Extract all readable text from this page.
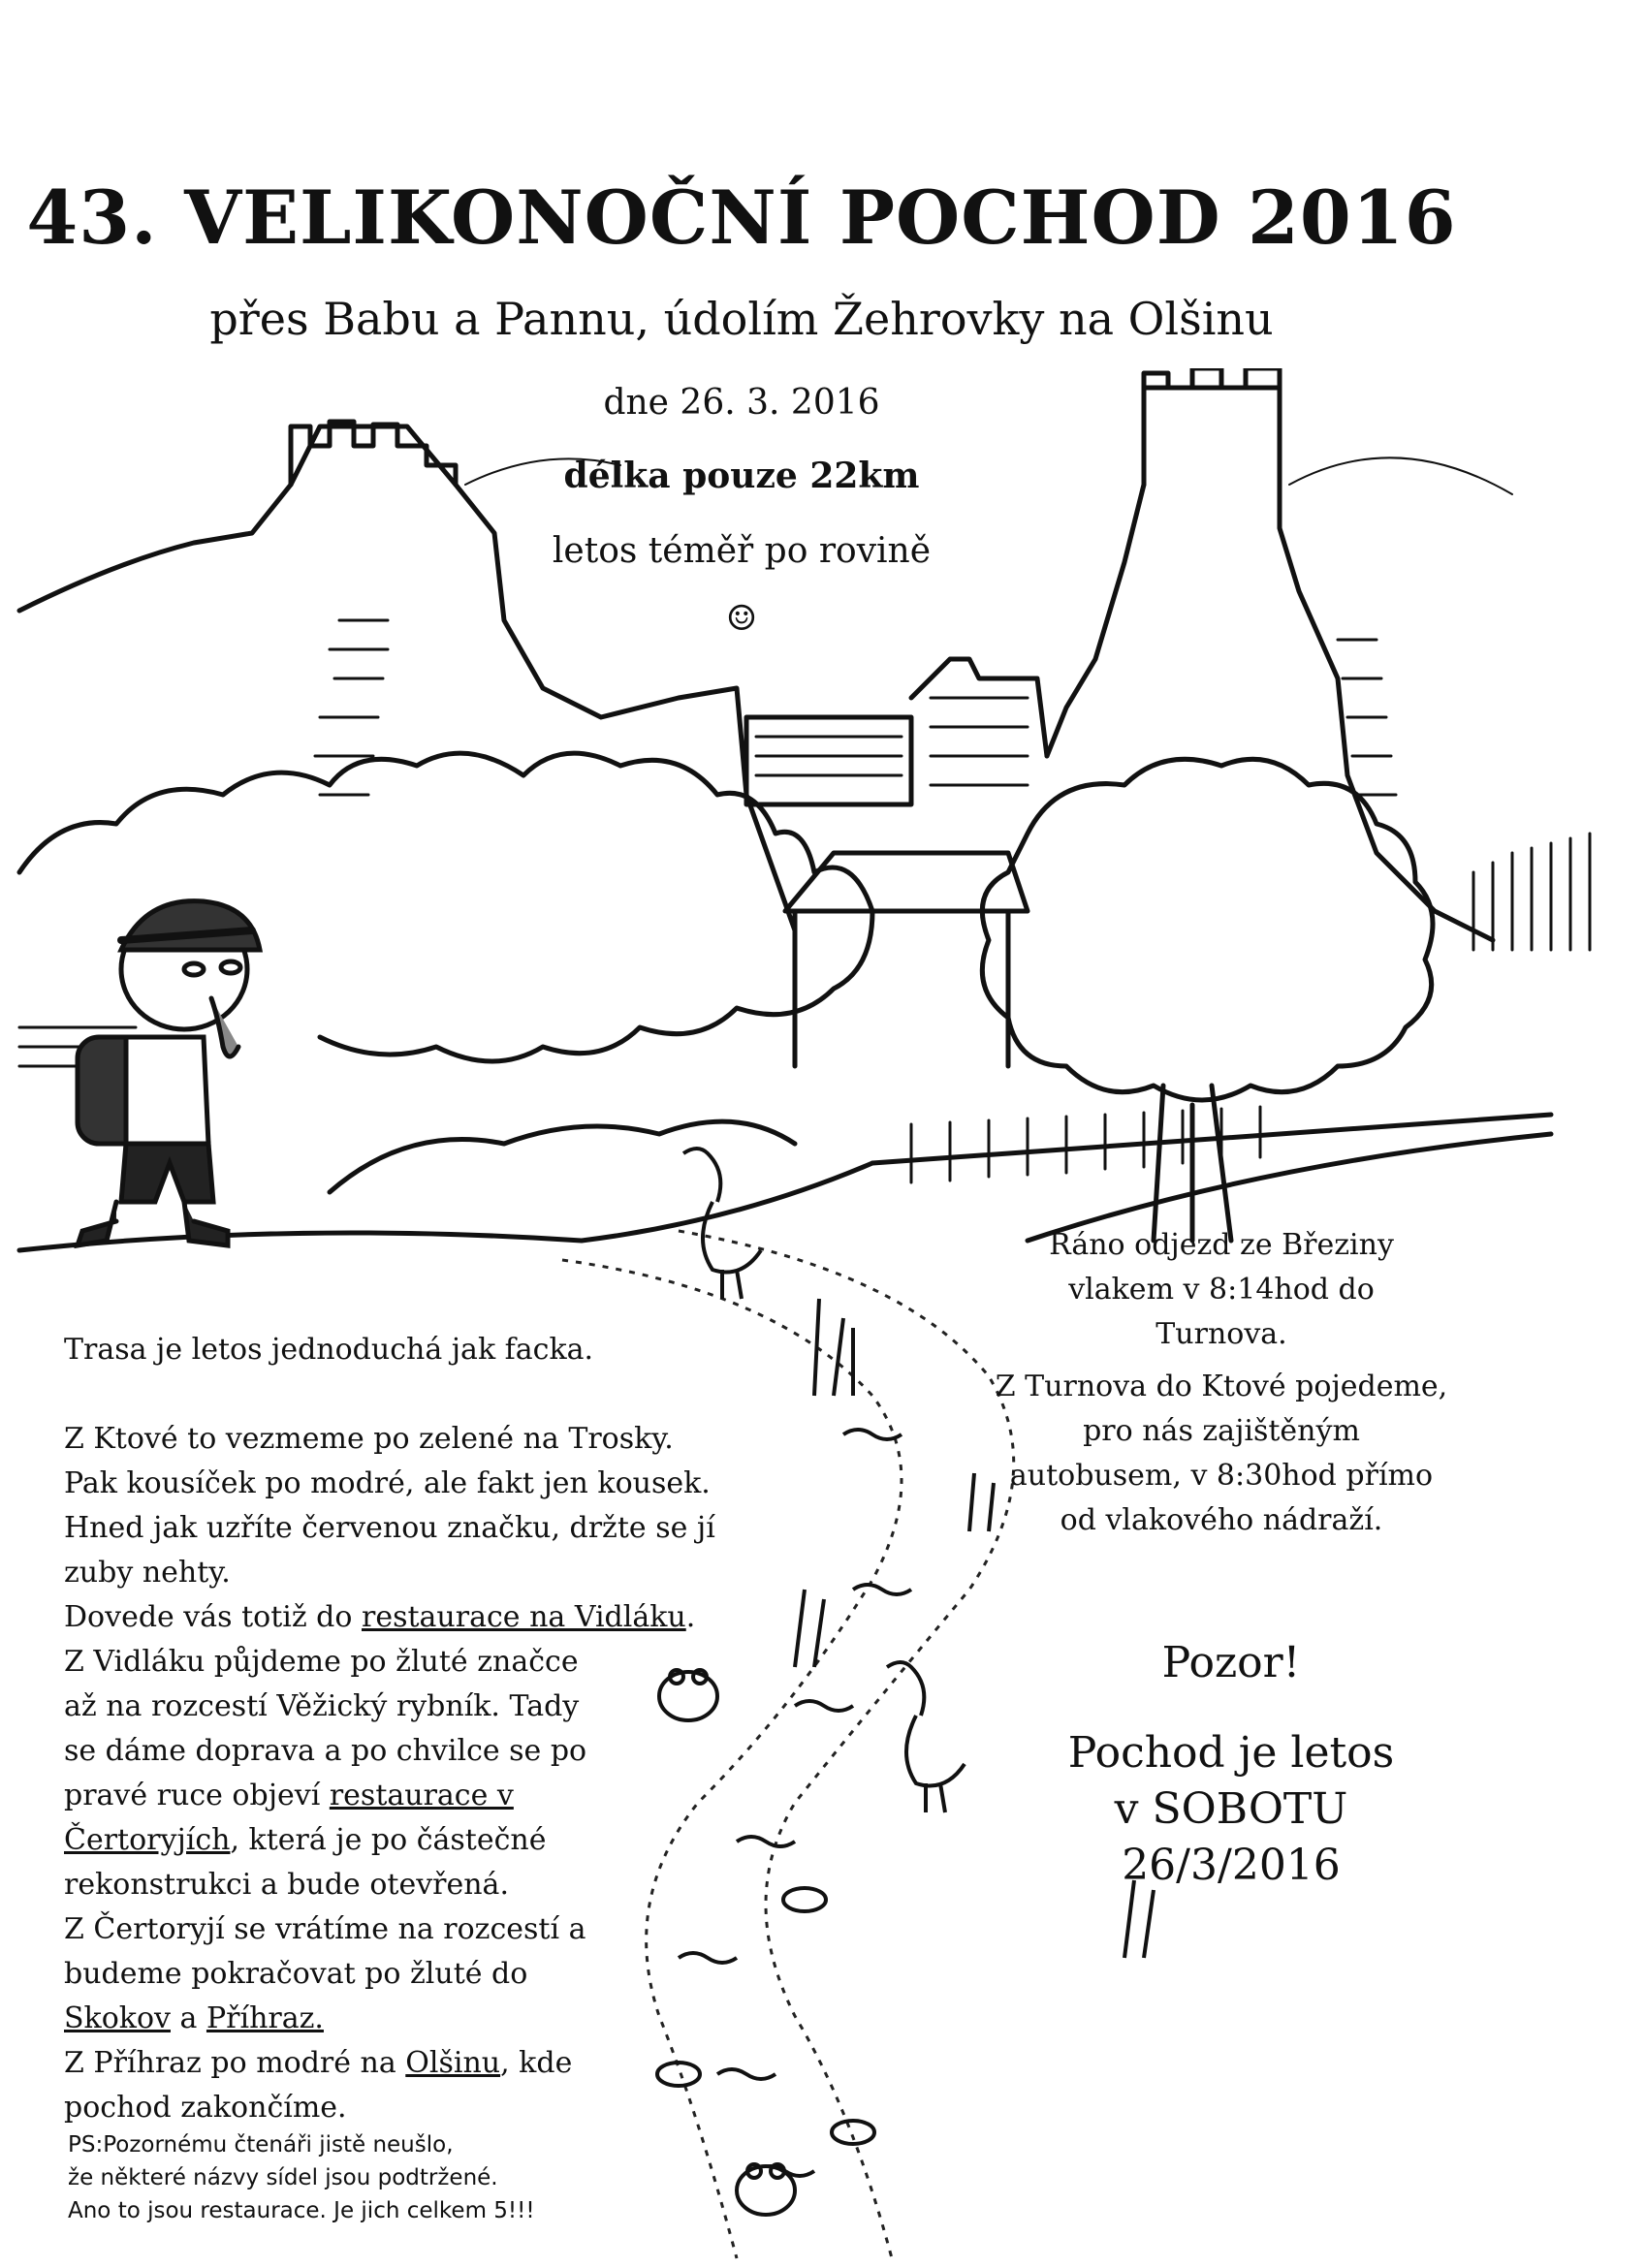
43. VELIKONOČNÍ POCHOD 2016
přes Babu a Pannu, údolím Žehrovky na Olšinu
dne 26. 3. 2016
délka pouze 22km
letos téměř po rovině
☺
Ráno odjezd ze Březiny
vlakem v 8:14hod do
Turnova.
Z Turnova do Ktové pojedeme,
pro nás zajištěným
autobusem, v 8:30hod přímo
od vlakového nádraží.
Pozor!
Pochod je letos
v SOBOTU
26/3/2016

Trasa je letos jednoduchá jak facka.

Z Ktové to vezmeme po zelené na Trosky.

Pak kousíček po modré, ale fakt jen kousek.

Hned jak uzříte červenou značku, držte se jí

zuby nehty.

Dovede vás totiž do restaurace na Vidláku.

Z Vidláku půjdeme po žluté značce

až na rozcestí Věžický rybník. Tady

se dáme doprava a po chvilce se po

pravé ruce objeví restaurace v

Čertoryjích, která je po částečné

rekonstrukci a bude otevřená.

Z Čertoryjí se vrátíme na rozcestí a

budeme pokračovat po žluté do

Skokov a Příhraz.

Z Příhraz po modré na Olšinu, kde

pochod zakončíme.

PS:Pozornému čtenáři jistě neušlo,
že některé názvy sídel jsou podtržené.
Ano to jsou restaurace. Je jich celkem 5!!!
